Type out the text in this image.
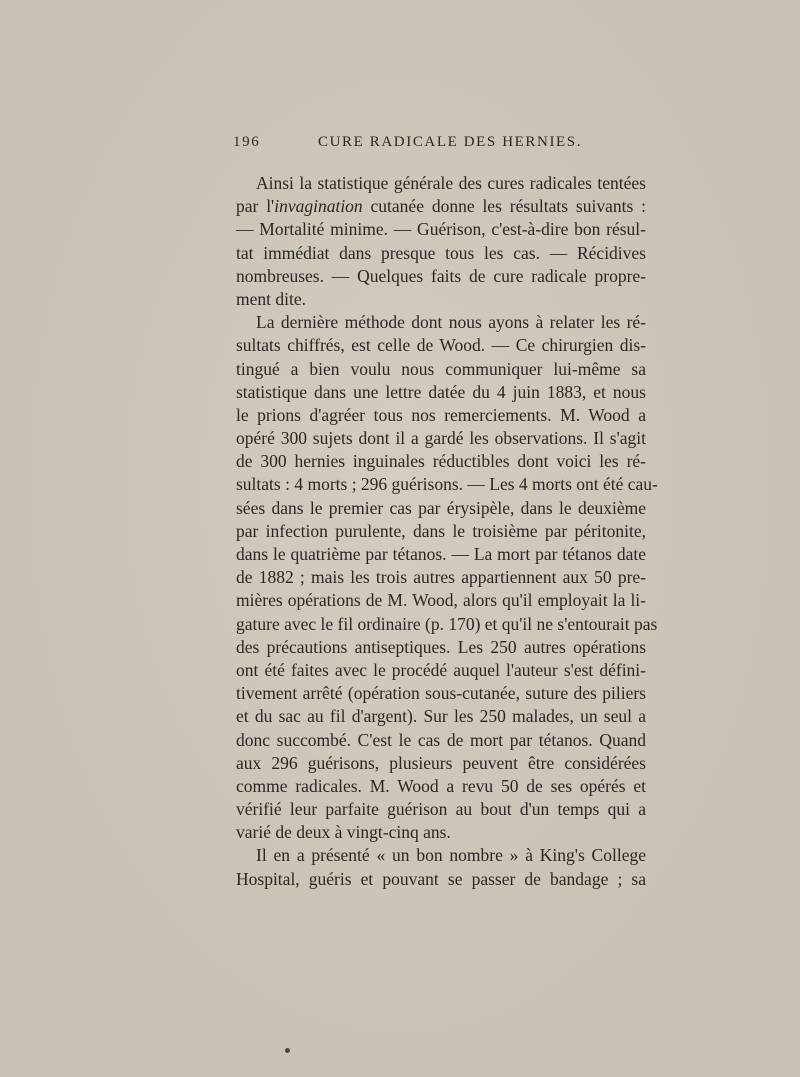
196	CURE RADICALE DES HERNIES.
Ainsi la statistique générale des cures radicales tentées
par l'invagination cutanée donne les résultats suivants :
— Mortalité minime. — Guérison, c'est-à-dire bon résul-
tat immédiat dans presque tous les cas. — Récidives
nombreuses. — Quelques faits de cure radicale propre-
ment dite.
La dernière méthode dont nous ayons à relater les ré-
sultats chiffrés, est celle de Wood. — Ce chirurgien dis-
tingué a bien voulu nous communiquer lui-même sa
statistique dans une lettre datée du 4 juin 1883, et nous
le prions d'agréer tous nos remerciements. M. Wood a
opéré 300 sujets dont il a gardé les observations. Il s'agit
de 300 hernies inguinales réductibles dont voici les ré-
sultats : 4 morts ; 296 guérisons. — Les 4 morts ont été cau-
sées dans le premier cas par érysipèle, dans le deuxième
par infection purulente, dans le troisième par péritonite,
dans le quatrième par tétanos. — La mort par tétanos date
de 1882 ; mais les trois autres appartiennent aux 50 pre-
mières opérations de M. Wood, alors qu'il employait la li-
gature avec le fil ordinaire (p. 170) et qu'il ne s'entourait pas
des précautions antiseptiques. Les 250 autres opérations
ont été faites avec le procédé auquel l'auteur s'est défini-
tivement arrêté (opération sous-cutanée, suture des piliers
et du sac au fil d'argent). Sur les 250 malades, un seul a
donc succombé. C'est le cas de mort par tétanos. Quand
aux 296 guérisons, plusieurs peuvent être considérées
comme radicales. M. Wood a revu 50 de ses opérés et
vérifié leur parfaite guérison au bout d'un temps qui a
varié de deux à vingt-cinq ans.
Il en a présenté « un bon nombre » à King's College
Hospital, guéris et pouvant se passer de bandage ; sa
